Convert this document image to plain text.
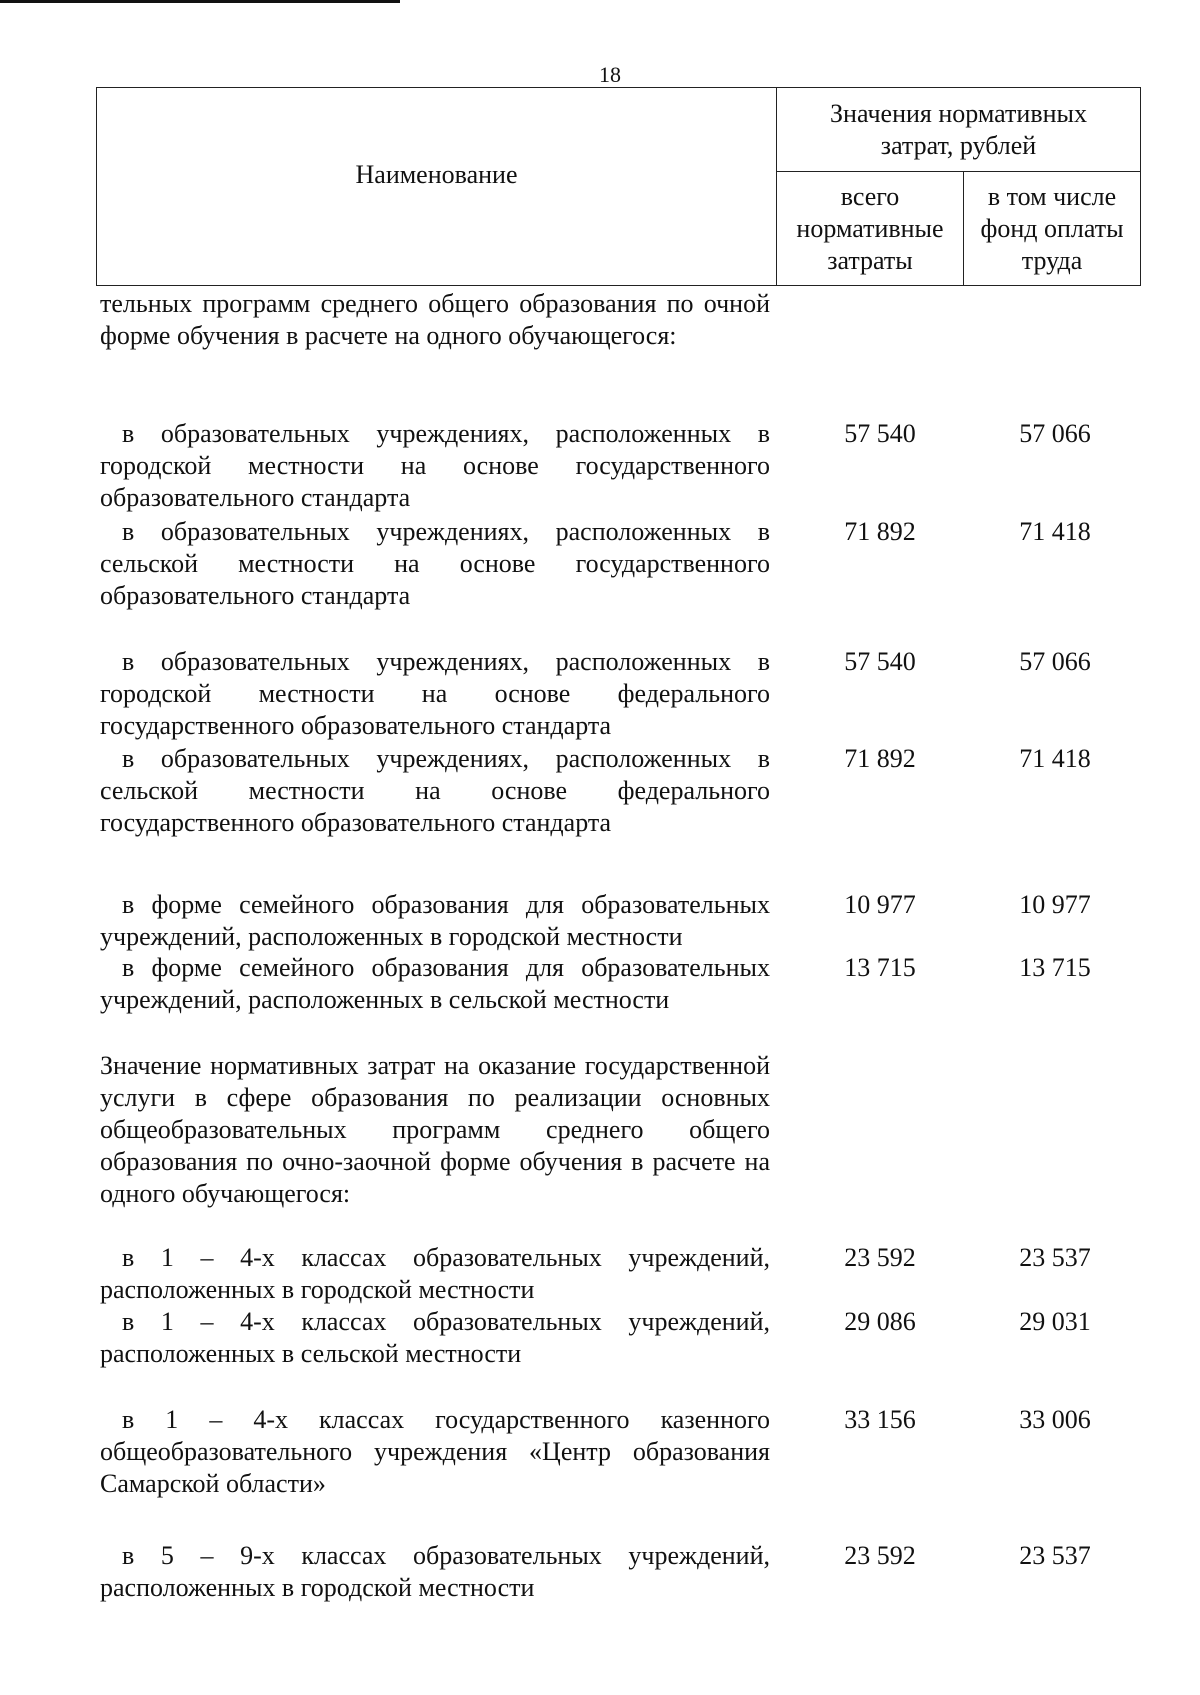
18
Наименование	Значения нормативных затрат, рублей	
	всего нормативные затраты	в том числе фонд оплаты труда
тельных программ среднего общего образования по очной форме обучения в расчете на одного обучающегося:
в образовательных учреждениях, расположенных в городской местности на основе государственного образовательного стандарта
57 540	57 066
в образовательных учреждениях, расположенных в сельской местности на основе государственного образовательного стандарта
71 892	71 418
в образовательных учреждениях, расположенных в городской местности на основе федерального государственного образовательного стандарта
57 540	57 066
в образовательных учреждениях, расположенных в сельской местности на основе федерального государственного образовательного стандарта
71 892	71 418
в форме семейного образования для образовательных учреждений, расположенных в городской местности
10 977	10 977
в форме семейного образования для образовательных учреждений, расположенных в сельской местности
13 715	13 715
Значение нормативных затрат на оказание государственной услуги в сфере образования по реализации основных общеобразовательных программ среднего общего образования по очно-заочной форме обучения в расчете на одного обучающегося:
в 1 – 4-х классах образовательных учреждений, расположенных в городской местности
23 592	23 537
в 1 – 4-х классах образовательных учреждений, расположенных в сельской местности
29 086	29 031
в 1 – 4-х классах государственного казенного общеобразовательного учреждения «Центр образования Самарской области»
33 156	33 006
в 5 – 9-х классах образовательных учреждений, расположенных в городской местности
23 592	23 537
